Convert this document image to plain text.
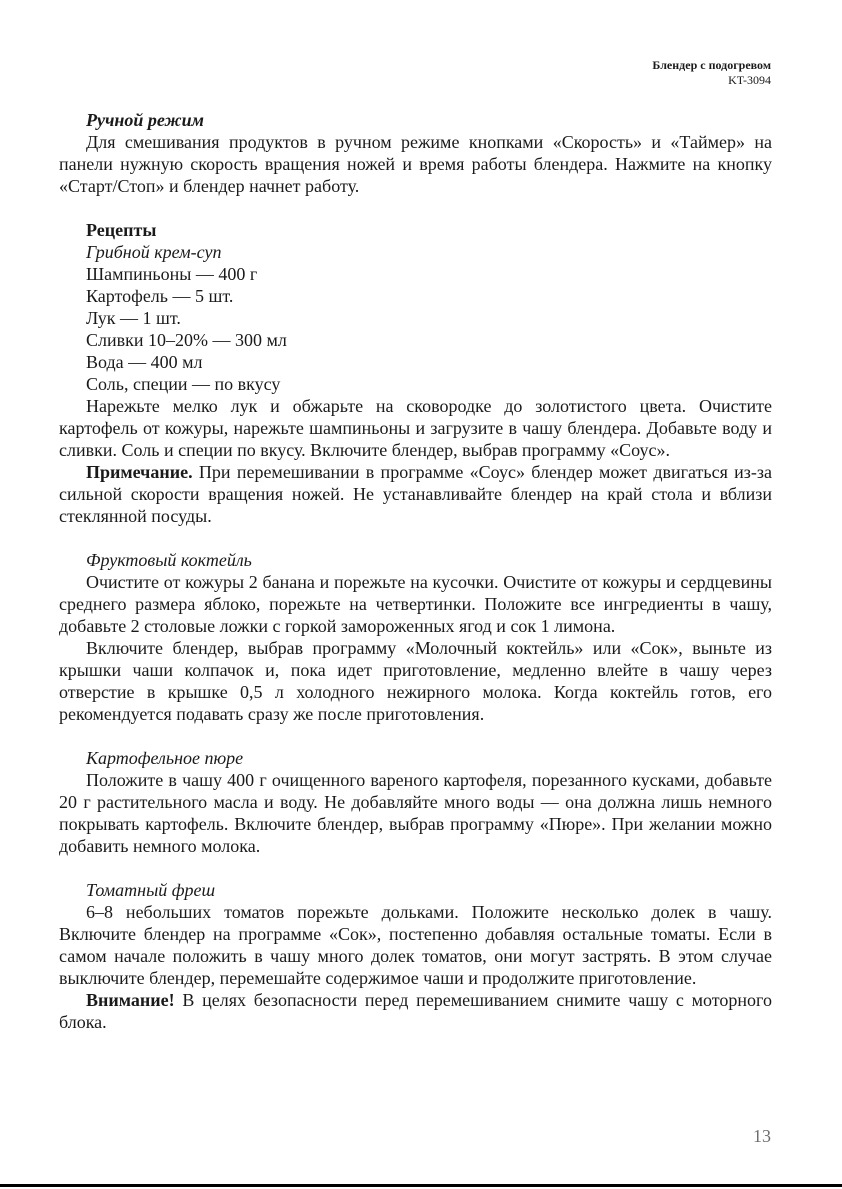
Блендер с подогревом
KT-3094
Ручной режим

Для смешивания продуктов в ручном режиме кнопками «Скорость» и «Таймер» на панели нужную скорость вращения ножей и время работы блендера. Нажмите на кнопку «Старт/Стоп» и блендер начнет работу.

Рецепты
Грибной крем-суп
Шампиньоны — 400 г
Картофель — 5 шт.
Лук — 1 шт.
Сливки 10–20% — 300 мл
Вода — 400 мл
Соль, специи — по вкусу

Нарежьте мелко лук и обжарьте на сковородке до золотистого цвета. Очистите картофель от кожуры, нарежьте шампиньоны и загрузите в чашу блендера. Добавьте воду и сливки. Соль и специи по вкусу. Включите блендер, выбрав программу «Соус».

Примечание. При перемешивании в программе «Соус» блендер может двигаться из-за сильной скорости вращения ножей. Не устанавливайте блендер на край стола и вблизи стеклянной посуды.

Фруктовый коктейль

Очистите от кожуры 2 банана и порежьте на кусочки. Очистите от кожуры и сердцевины среднего размера яблоко, порежьте на четвертинки. Положите все ингредиенты в чашу, добавьте 2 столовые ложки с горкой замороженных ягод и сок 1 лимона.

Включите блендер, выбрав программу «Молочный коктейль» или «Сок», выньте из крышки чаши колпачок и, пока идет приготовление, медленно влейте в чашу через отверстие в крышке 0,5 л холодного нежирного молока. Когда коктейль готов, его рекомендуется подавать сразу же после приготовления.

Картофельное пюре

Положите в чашу 400 г очищенного вареного картофеля, порезанного кусками, добавьте 20 г растительного масла и воду. Не добавляйте много воды — она должна лишь немного покрывать картофель. Включите блендер, выбрав программу «Пюре». При желании можно добавить немного молока.

Томатный фреш

6–8 небольших томатов порежьте дольками. Положите несколько долек в чашу. Включите блендер на программе «Сок», постепенно добавляя остальные томаты. Если в самом начале положить в чашу много долек томатов, они могут застрять. В этом случае выключите блендер, перемешайте содержимое чаши и продолжите приготовление.

Внимание! В целях безопасности перед перемешиванием снимите чашу с моторного блока.

13
